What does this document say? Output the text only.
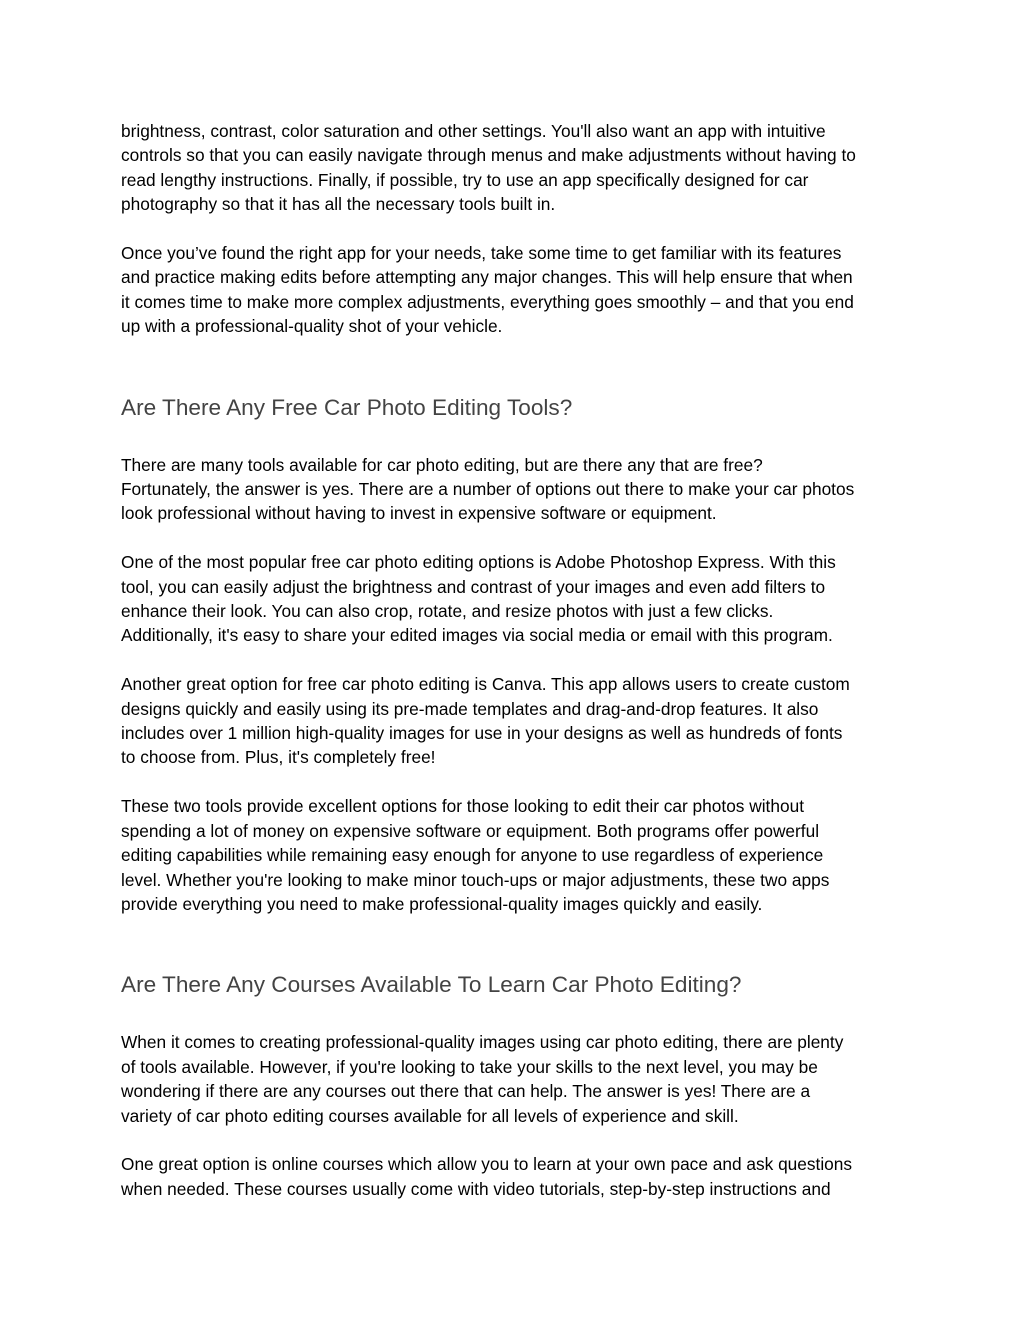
brightness, contrast, color saturation and other settings. You'll also want an app with intuitive
controls so that you can easily navigate through menus and make adjustments without having to
read lengthy instructions. Finally, if possible, try to use an app specifically designed for car
photography so that it has all the necessary tools built in.

Once you’ve found the right app for your needs, take some time to get familiar with its features
and practice making edits before attempting any major changes. This will help ensure that when
it comes time to make more complex adjustments, everything goes smoothly – and that you end
up with a professional-quality shot of your vehicle.

Are There Any Free Car Photo Editing Tools?

There are many tools available for car photo editing, but are there any that are free?
Fortunately, the answer is yes. There are a number of options out there to make your car photos
look professional without having to invest in expensive software or equipment.

One of the most popular free car photo editing options is Adobe Photoshop Express. With this
tool, you can easily adjust the brightness and contrast of your images and even add filters to
enhance their look. You can also crop, rotate, and resize photos with just a few clicks.
Additionally, it's easy to share your edited images via social media or email with this program.

Another great option for free car photo editing is Canva. This app allows users to create custom
designs quickly and easily using its pre-made templates and drag-and-drop features. It also
includes over 1 million high-quality images for use in your designs as well as hundreds of fonts
to choose from. Plus, it's completely free!

These two tools provide excellent options for those looking to edit their car photos without
spending a lot of money on expensive software or equipment. Both programs offer powerful
editing capabilities while remaining easy enough for anyone to use regardless of experience
level. Whether you're looking to make minor touch-ups or major adjustments, these two apps
provide everything you need to make professional-quality images quickly and easily.

Are There Any Courses Available To Learn Car Photo Editing?

When it comes to creating professional-quality images using car photo editing, there are plenty
of tools available. However, if you're looking to take your skills to the next level, you may be
wondering if there are any courses out there that can help. The answer is yes! There are a
variety of car photo editing courses available for all levels of experience and skill.

One great option is online courses which allow you to learn at your own pace and ask questions
when needed. These courses usually come with video tutorials, step-by-step instructions and
